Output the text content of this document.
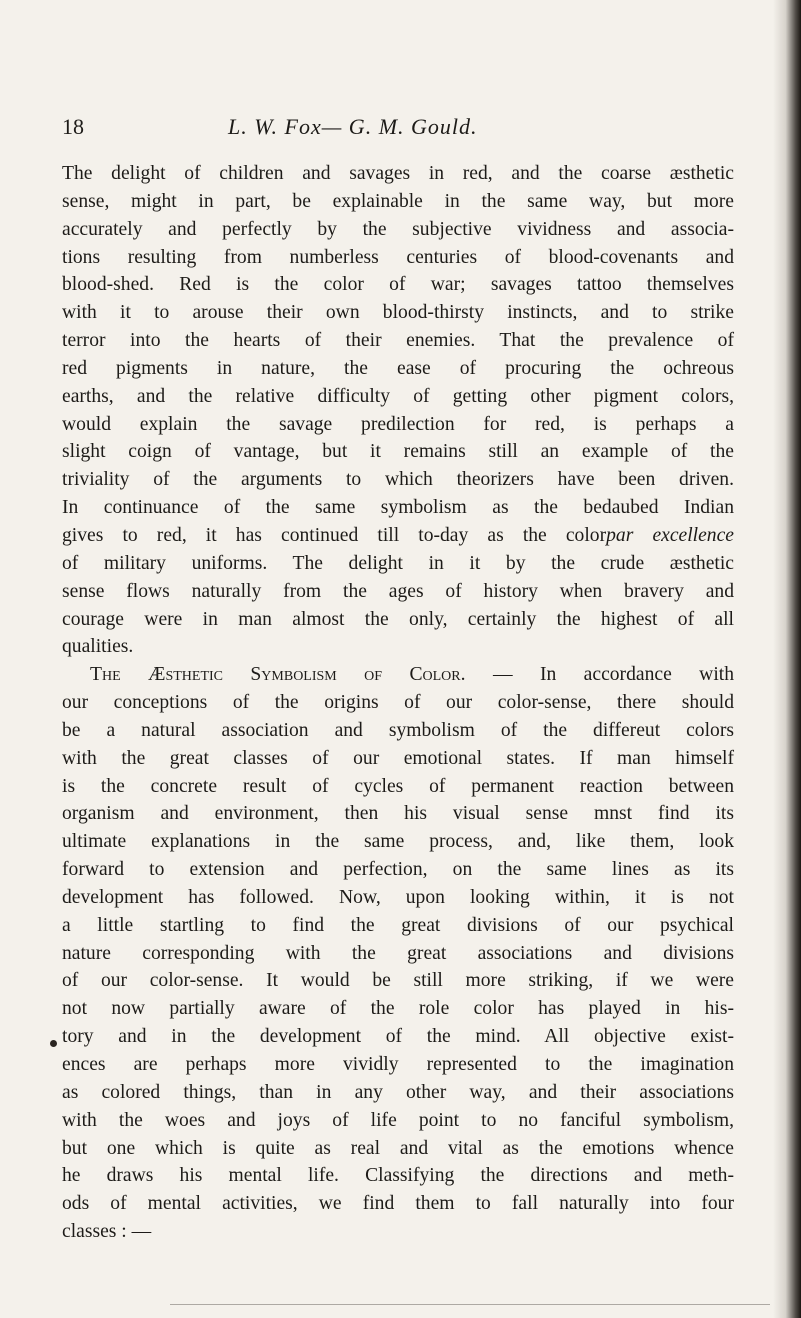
18	L. W. Fox— G. M. Gould.
The delight of children and savages in red, and the coarse æsthetic
sense, might in part, be explainable in the same way, but more
accurately and perfectly by the subjective vividness and associa-
tions resulting from numberless centuries of blood-covenants and
blood-shed. Red is the color of war; savages tattoo themselves
with it to arouse their own blood-thirsty instincts, and to strike
terror into the hearts of their enemies. That the prevalence of
red pigments in nature, the ease of procuring the ochreous
earths, and the relative difficulty of getting other pigment colors,
would explain the savage predilection for red, is perhaps a
slight coign of vantage, but it remains still an example of the
triviality of the arguments to which theorizers have been driven.
In continuance of the same symbolism as the bedaubed Indian
gives to red, it has continued till to-day as the colorpar excellence
of military uniforms. The delight in it by the crude æsthetic
sense flows naturally from the ages of history when bravery and
courage were in man almost the only, certainly the highest of all
qualities.
The Æsthetic Symbolism of Color. — In accordance with
our conceptions of the origins of our color-sense, there should
be a natural association and symbolism of the differeut colors
with the great classes of our emotional states. If man himself
is the concrete result of cycles of permanent reaction between
organism and environment, then his visual sense mnst find its
ultimate explanations in the same process, and, like them, look
forward to extension and perfection, on the same lines as its
development has followed. Now, upon looking within, it is not
a little startling to find the great divisions of our psychical
nature corresponding with the great associations and divisions
of our color-sense. It would be still more striking, if we were
not now partially aware of the role color has played in his-
tory and in the development of the mind. All objective exist-
ences are perhaps more vividly represented to the imagination
as colored things, than in any other way, and their associations
with the woes and joys of life point to no fanciful symbolism,
but one which is quite as real and vital as the emotions whence
he draws his mental life. Classifying the directions and meth-
ods of mental activities, we find them to fall naturally into four
classes : —
